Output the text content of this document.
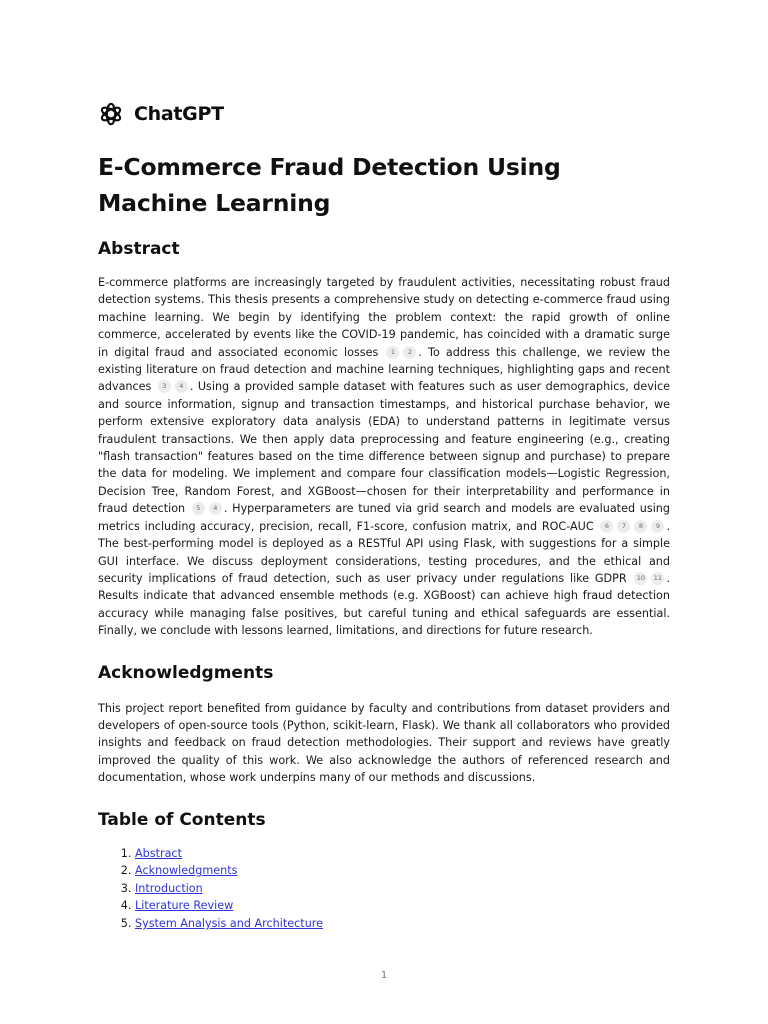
ChatGPT
E-Commerce Fraud Detection Using Machine Learning
Abstract

E-commerce platforms are increasingly targeted by fraudulent activities, necessitating robust fraud detection systems. This thesis presents a comprehensive study on detecting e-commerce fraud using machine learning. We begin by identifying the problem context: the rapid growth of online commerce, accelerated by events like the COVID-19 pandemic, has coincided with a dramatic surge in digital fraud and associated economic losses 1 2 . To address this challenge, we review the existing literature on fraud detection and machine learning techniques, highlighting gaps and recent advances 3 4 . Using a provided sample dataset with features such as user demographics, device and source information, signup and transaction timestamps, and historical purchase behavior, we perform extensive exploratory data analysis (EDA) to understand patterns in legitimate versus fraudulent transactions. We then apply data preprocessing and feature engineering (e.g., creating "flash transaction" features based on the time difference between signup and purchase) to prepare the data for modeling. We implement and compare four classification models—Logistic Regression, Decision Tree, Random Forest, and XGBoost—chosen for their interpretability and performance in fraud detection 5 4 . Hyperparameters are tuned via grid search and models are evaluated using metrics including accuracy, precision, recall, F1-score, confusion matrix, and ROC-AUC 6 7 8 9 . The best-performing model is deployed as a RESTful API using Flask, with suggestions for a simple GUI interface. We discuss deployment considerations, testing procedures, and the ethical and security implications of fraud detection, such as user privacy under regulations like GDPR 10 11 . Results indicate that advanced ensemble methods (e.g. XGBoost) can achieve high fraud detection accuracy while managing false positives, but careful tuning and ethical safeguards are essential. Finally, we conclude with lessons learned, limitations, and directions for future research.

Acknowledgments

This project report benefited from guidance by faculty and contributions from dataset providers and developers of open-source tools (Python, scikit-learn, Flask). We thank all collaborators who provided insights and feedback on fraud detection methodologies. Their support and reviews have greatly improved the quality of this work. We also acknowledge the authors of referenced research and documentation, whose work underpins many of our methods and discussions.

Table of Contents
1. Abstract
2. Acknowledgments
3. Introduction
4. Literature Review
5. System Analysis and Architecture
1
